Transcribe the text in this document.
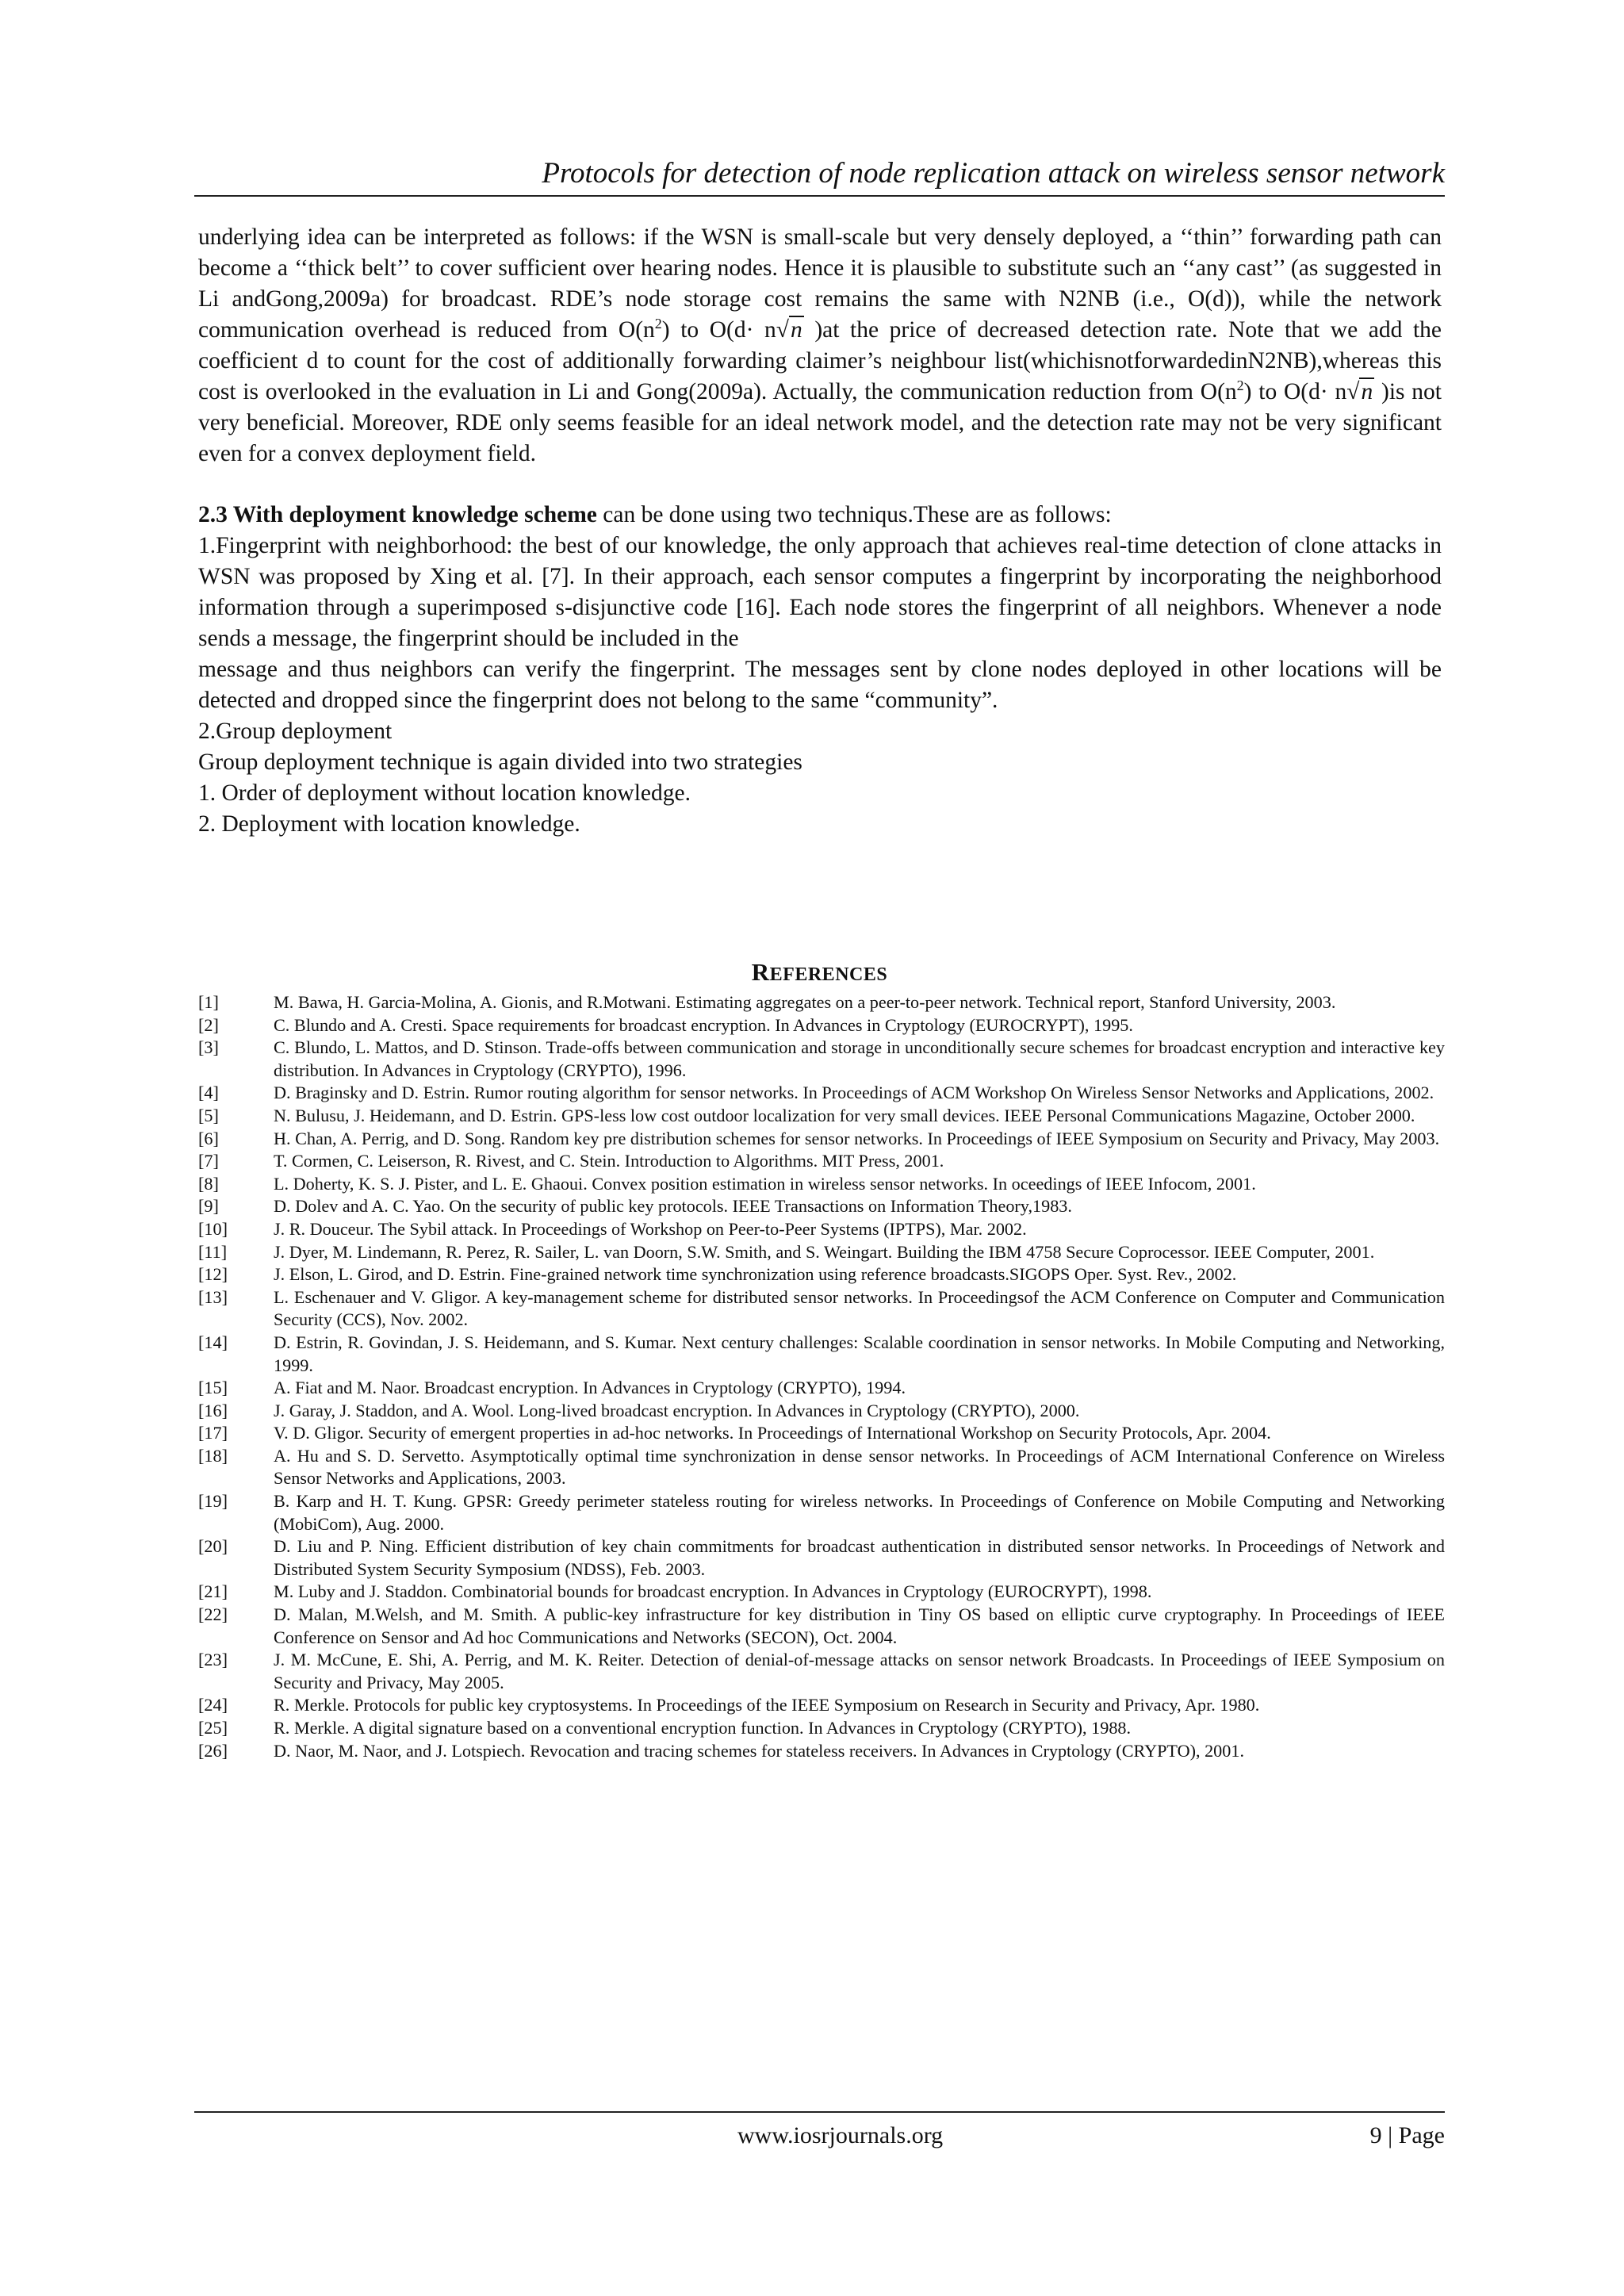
Protocols for detection of node replication attack on wireless sensor network

underlying idea can be interpreted as follows: if the WSN is small-scale but very densely deployed, a ‘‘thin’’ forwarding path can become a ‘‘thick belt’’ to cover sufficient over hearing nodes. Hence it is plausible to substitute such an ‘‘any cast’’ (as suggested in Li andGong,2009a) for broadcast. RDE’s node storage cost remains the same with N2NB (i.e., O(d)), while the network communication overhead is reduced from $O(n^2)$ to O(d· n√n )at the price of decreased detection rate. Note that we add the coefficient d to count for the cost of additionally forwarding claimer’s neighbour list(whichisnotforwardedinN2NB),whereas this cost is overlooked in the evaluation in Li and Gong(2009a). Actually, the communication reduction from $O(n^2)$ to O(d· n√n )is not very beneficial. Moreover, RDE only seems feasible for an ideal network model, and the detection rate may not be very significant even for a convex deployment field.

2.3 With deployment knowledge scheme can be done using two techniqus.These are as follows:

1.Fingerprint with neighborhood: the best of our knowledge, the only approach that achieves real-time detection of clone attacks in WSN was proposed by Xing et al. [7]. In their approach, each sensor computes a fingerprint by incorporating the neighborhood information through a superimposed s-disjunctive code [16]. Each node stores the fingerprint of all neighbors. Whenever a node sends a message, the fingerprint should be included in the

message and thus neighbors can verify the fingerprint. The messages sent by clone nodes deployed in other locations will be detected and dropped since the fingerprint does not belong to the same “community”.

2.Group deployment
Group deployment technique is again divided into two strategies
1. Order of deployment without location knowledge.
2. Deployment with location knowledge.
REFERENCES
[1]	M. Bawa, H. Garcia-Molina, A. Gionis, and R.Motwani. Estimating aggregates on a peer-to-peer network. Technical report, Stanford University, 2003.
[2]	C. Blundo and A. Cresti. Space requirements for broadcast encryption. In Advances in Cryptology (EUROCRYPT), 1995.
[3]	C. Blundo, L. Mattos, and D. Stinson. Trade-offs between communication and storage in unconditionally secure schemes for broadcast encryption and interactive key distribution. In Advances in Cryptology (CRYPTO), 1996.
[4]	D. Braginsky and D. Estrin. Rumor routing algorithm for sensor networks. In Proceedings of ACM Workshop On Wireless Sensor Networks and Applications, 2002.
[5]	N. Bulusu, J. Heidemann, and D. Estrin. GPS-less low cost outdoor localization for very small devices. IEEE Personal Communications Magazine, October 2000.
[6]	H. Chan, A. Perrig, and D. Song. Random key pre distribution schemes for sensor networks. In Proceedings of IEEE Symposium on Security and Privacy, May 2003.
[7]	T. Cormen, C. Leiserson, R. Rivest, and C. Stein. Introduction to Algorithms. MIT Press, 2001.
[8]	L. Doherty, K. S. J. Pister, and L. E. Ghaoui. Convex position estimation in wireless sensor networks. In oceedings of IEEE Infocom, 2001.
[9]	D. Dolev and A. C. Yao. On the security of public key protocols. IEEE Transactions on Information Theory,1983.
[10]	J. R. Douceur. The Sybil attack. In Proceedings of Workshop on Peer-to-Peer Systems (IPTPS), Mar. 2002.
[11]	J. Dyer, M. Lindemann, R. Perez, R. Sailer, L. van Doorn, S.W. Smith, and S. Weingart. Building the IBM 4758 Secure Coprocessor. IEEE Computer, 2001.
[12]	J. Elson, L. Girod, and D. Estrin. Fine-grained network time synchronization using reference broadcasts.SIGOPS Oper. Syst. Rev., 2002.
[13]	L. Eschenauer and V. Gligor. A key-management scheme for distributed sensor networks. In Proceedingsof the ACM Conference on Computer and Communication Security (CCS), Nov. 2002.
[14]	D. Estrin, R. Govindan, J. S. Heidemann, and S. Kumar. Next century challenges: Scalable coordination in sensor networks. In Mobile Computing and Networking, 1999.
[15]	A. Fiat and M. Naor. Broadcast encryption. In Advances in Cryptology (CRYPTO), 1994.
[16]	J. Garay, J. Staddon, and A. Wool. Long-lived broadcast encryption. In Advances in Cryptology (CRYPTO), 2000.
[17]	V. D. Gligor. Security of emergent properties in ad-hoc networks. In Proceedings of International Workshop on Security Protocols, Apr. 2004.
[18]	A. Hu and S. D. Servetto. Asymptotically optimal time synchronization in dense sensor networks. In Proceedings of ACM International Conference on Wireless Sensor Networks and Applications, 2003.
[19]	B. Karp and H. T. Kung. GPSR: Greedy perimeter stateless routing for wireless networks. In Proceedings of Conference on Mobile Computing and Networking (MobiCom), Aug. 2000.
[20]	D. Liu and P. Ning. Efficient distribution of key chain commitments for broadcast authentication in distributed sensor networks. In Proceedings of Network and Distributed System Security Symposium (NDSS), Feb. 2003.
[21]	M. Luby and J. Staddon. Combinatorial bounds for broadcast encryption. In Advances in Cryptology (EUROCRYPT), 1998.
[22]	D. Malan, M.Welsh, and M. Smith. A public-key infrastructure for key distribution in Tiny OS based on elliptic curve cryptography. In Proceedings of IEEE Conference on Sensor and Ad hoc Communications and Networks (SECON), Oct. 2004.
[23]	J. M. McCune, E. Shi, A. Perrig, and M. K. Reiter. Detection of denial-of-message attacks on sensor network Broadcasts. In Proceedings of IEEE Symposium on Security and Privacy, May 2005.
[24]	R. Merkle. Protocols for public key cryptosystems. In Proceedings of the IEEE Symposium on Research in Security and Privacy, Apr. 1980.
[25]	R. Merkle. A digital signature based on a conventional encryption function. In Advances in Cryptology (CRYPTO), 1988.
[26]	D. Naor, M. Naor, and J. Lotspiech. Revocation and tracing schemes for stateless receivers. In Advances in Cryptology (CRYPTO), 2001.
www.iosrjournals.org	9 | Page
